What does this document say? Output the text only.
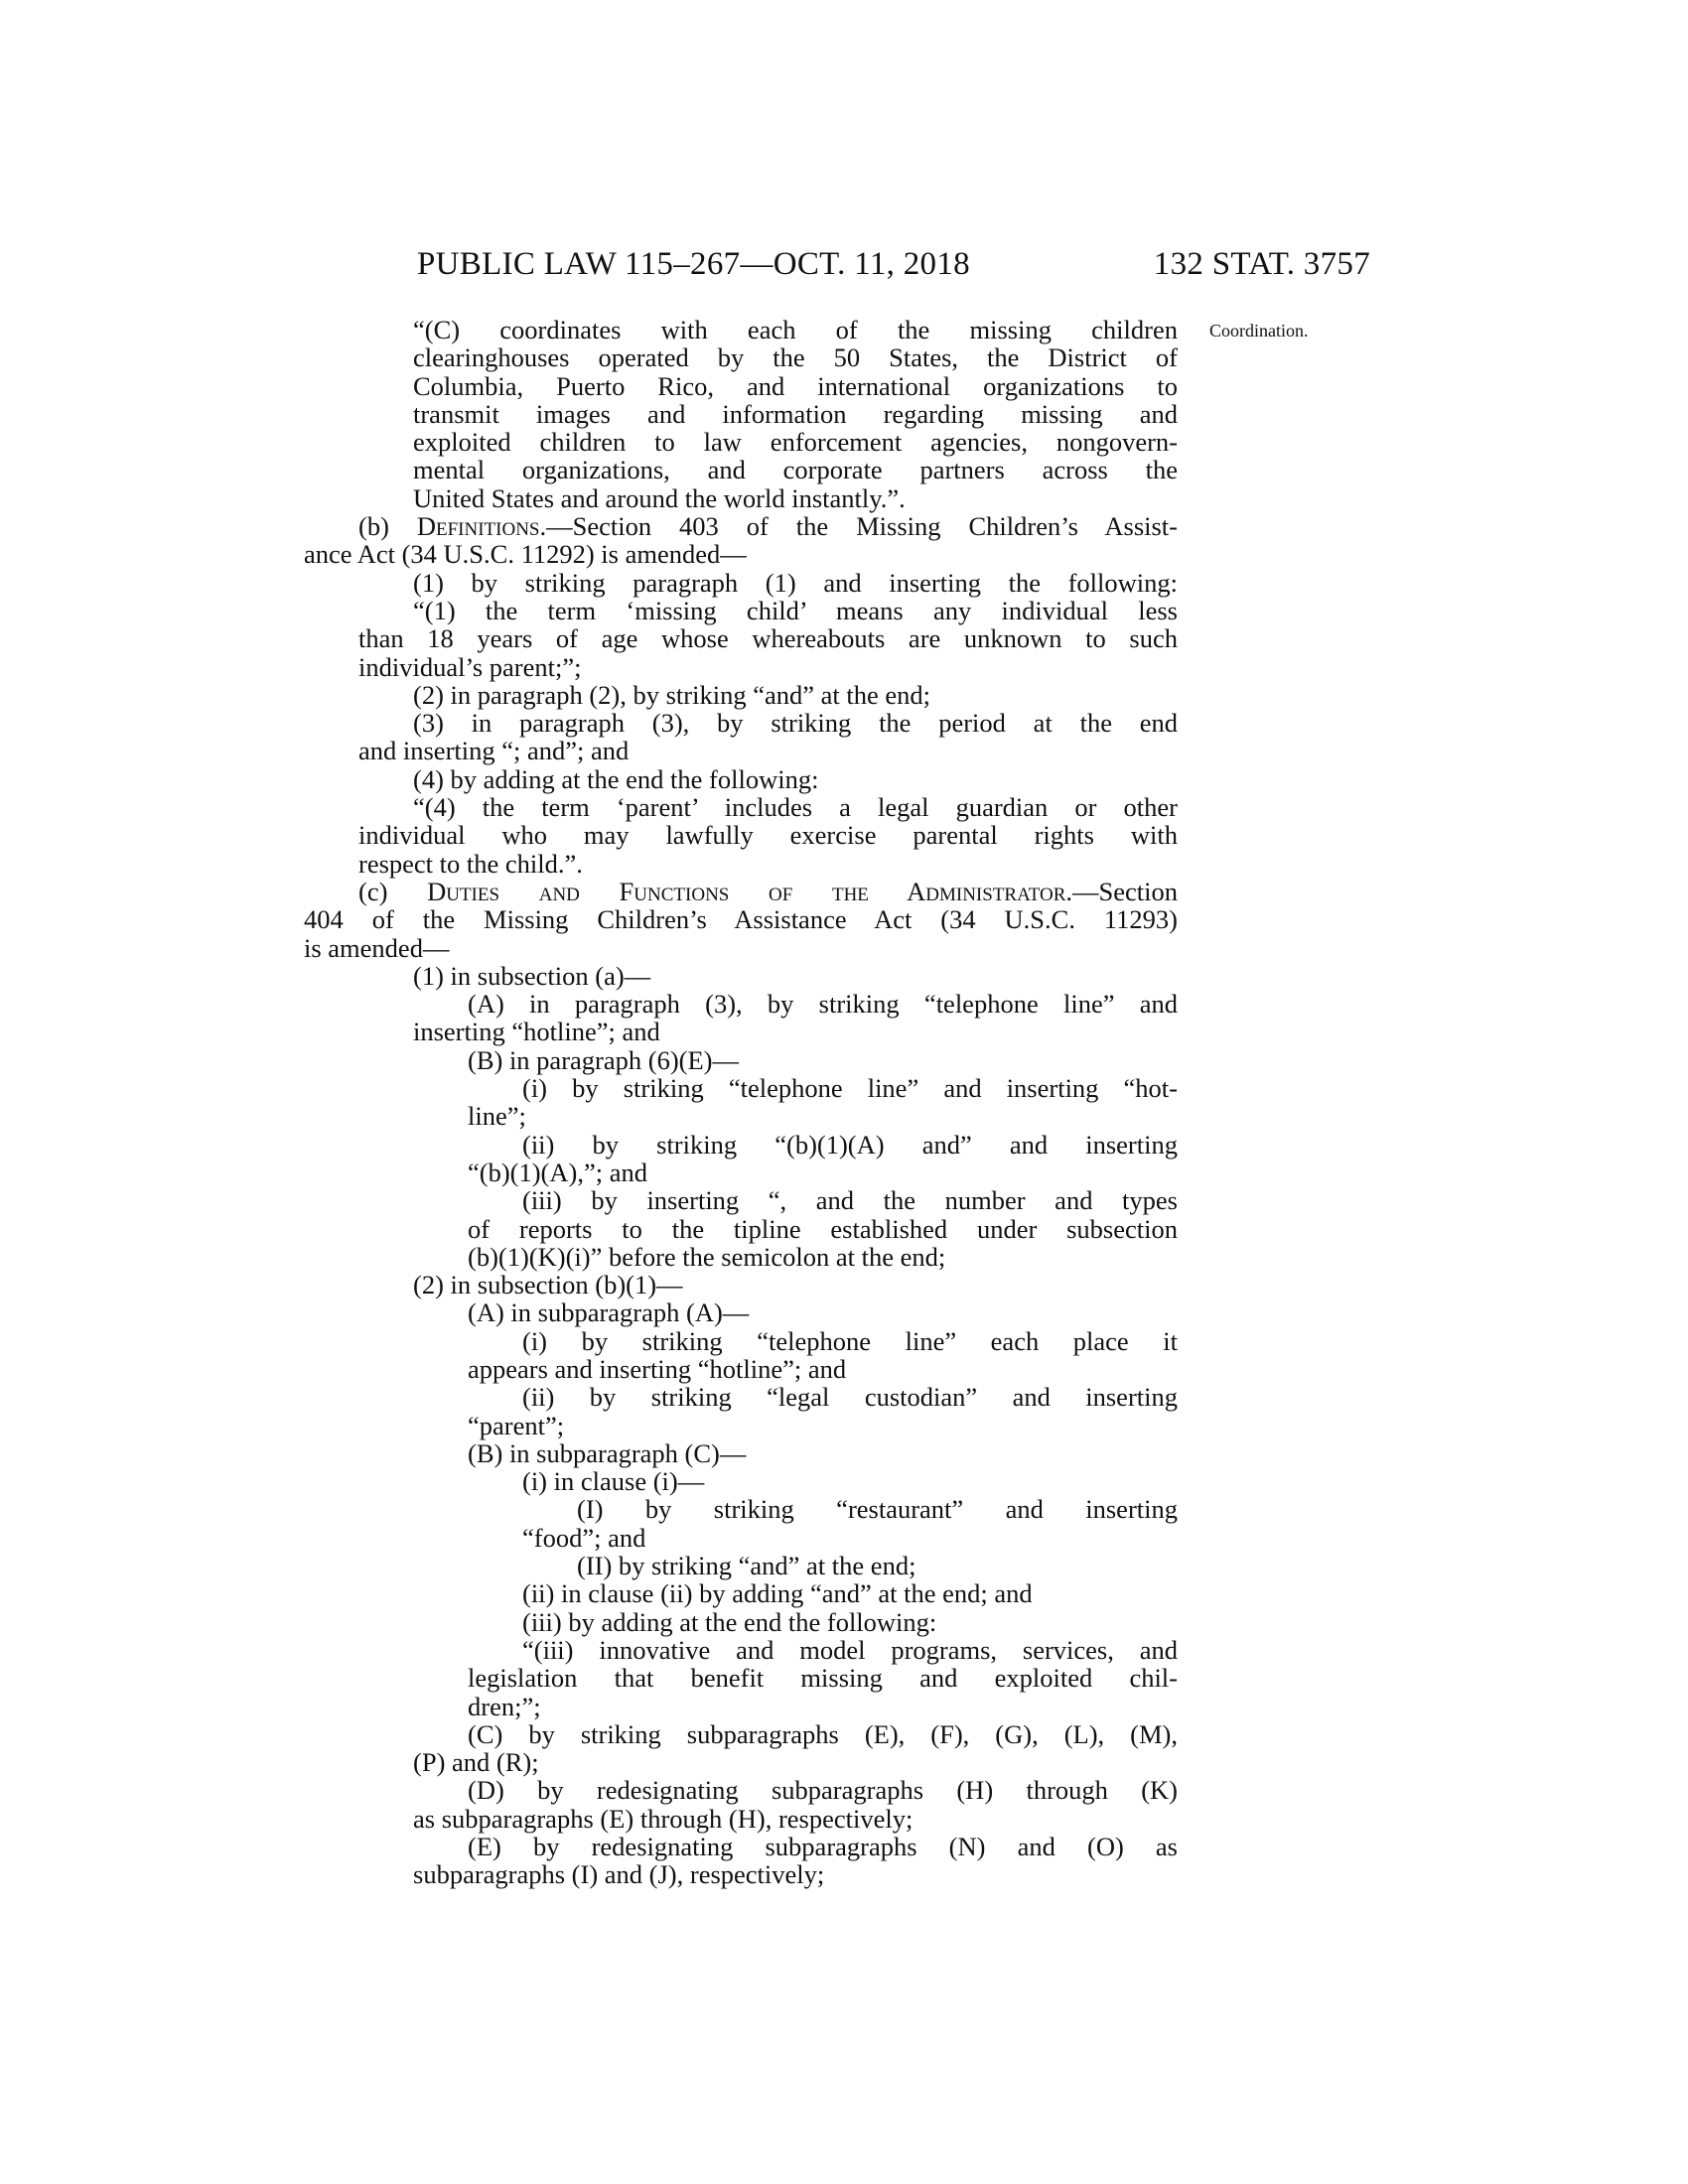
PUBLIC LAW 115–267—OCT. 11, 2018	132 STAT. 3757
Coordination.
“(C) coordinates with each of the missing children
clearinghouses operated by the 50 States, the District of
Columbia, Puerto Rico, and international organizations to
transmit images and information regarding missing and
exploited children to law enforcement agencies, nongovern-
mental organizations, and corporate partners across the
United States and around the world instantly.”.
(b) Definitions.—Section 403 of the Missing Children’s Assist-
ance Act (34 U.S.C. 11292) is amended—
(1) by striking paragraph (1) and inserting the following:
“(1) the term ‘missing child’ means any individual less
than 18 years of age whose whereabouts are unknown to such
individual’s parent;”;
(2) in paragraph (2), by striking “and” at the end;
(3) in paragraph (3), by striking the period at the end
and inserting “; and”; and
(4) by adding at the end the following:
“(4) the term ‘parent’ includes a legal guardian or other
individual who may lawfully exercise parental rights with
respect to the child.”.
(c) Duties and Functions of the Administrator.—Section
404 of the Missing Children’s Assistance Act (34 U.S.C. 11293)
is amended—
(1) in subsection (a)—
(A) in paragraph (3), by striking “telephone line” and
inserting “hotline”; and
(B) in paragraph (6)(E)—
(i) by striking “telephone line” and inserting “hot-
line”;
(ii) by striking “(b)(1)(A) and” and inserting
“(b)(1)(A),”; and
(iii) by inserting “, and the number and types
of reports to the tipline established under subsection
(b)(1)(K)(i)” before the semicolon at the end;
(2) in subsection (b)(1)—
(A) in subparagraph (A)—
(i) by striking “telephone line” each place it
appears and inserting “hotline”; and
(ii) by striking “legal custodian” and inserting
“parent”;
(B) in subparagraph (C)—
(i) in clause (i)—
(I) by striking “restaurant” and inserting
“food”; and
(II) by striking “and” at the end;
(ii) in clause (ii) by adding “and” at the end; and
(iii) by adding at the end the following:
“(iii) innovative and model programs, services, and
legislation that benefit missing and exploited chil-
dren;”;
(C) by striking subparagraphs (E), (F), (G), (L), (M),
(P) and (R);
(D) by redesignating subparagraphs (H) through (K)
as subparagraphs (E) through (H), respectively;
(E) by redesignating subparagraphs (N) and (O) as
subparagraphs (I) and (J), respectively;
